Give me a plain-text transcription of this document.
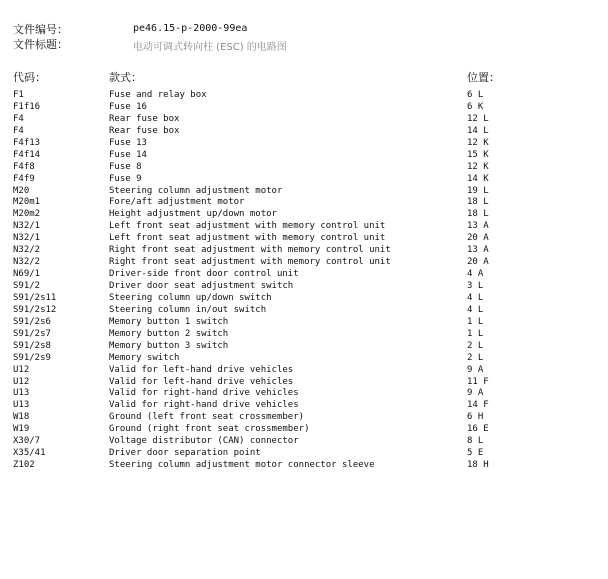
文件编号：	pe46.15-p-2000-99ea
文件标题：	电动可调式转向柱 (ESC) 的电路图
代码：	款式：	位置：
F1	Fuse and relay box	6 L
F1f16	Fuse 16	6 K
F4	Rear fuse box	12 L
F4	Rear fuse box	14 L
F4f13	Fuse 13	12 K
F4f14	Fuse 14	15 K
F4f8	Fuse 8	12 K
F4f9	Fuse 9	14 K
M20	Steering column adjustment motor	19 L
M20m1	Fore/aft adjustment motor	18 L
M20m2	Height adjustment up/down motor	18 L
N32/1	Left front seat adjustment with memory control unit	13 A
N32/1	Left front seat adjustment with memory control unit	20 A
N32/2	Right front seat adjustment with memory control unit	13 A
N32/2	Right front seat adjustment with memory control unit	20 A
N69/1	Driver-side front door control unit	4 A
S91/2	Driver door seat adjustment switch	3 L
S91/2s11	Steering column up/down switch	4 L
S91/2s12	Steering column in/out switch	4 L
S91/2s6	Memory button 1 switch	1 L
S91/2s7	Memory button 2 switch	1 L
S91/2s8	Memory button 3 switch	2 L
S91/2s9	Memory switch	2 L
U12	Valid for left-hand drive vehicles	9 A
U12	Valid for left-hand drive vehicles	11 F
U13	Valid for right-hand drive vehicles	9 A
U13	Valid for right-hand drive vehicles	14 F
W18	Ground (left front seat crossmember)	6 H
W19	Ground (right front seat crossmember)	16 E
X30/7	Voltage distributor (CAN) connector	8 L
X35/41	Driver door separation point	5 E
Z102	Steering column adjustment motor connector sleeve	18 H
